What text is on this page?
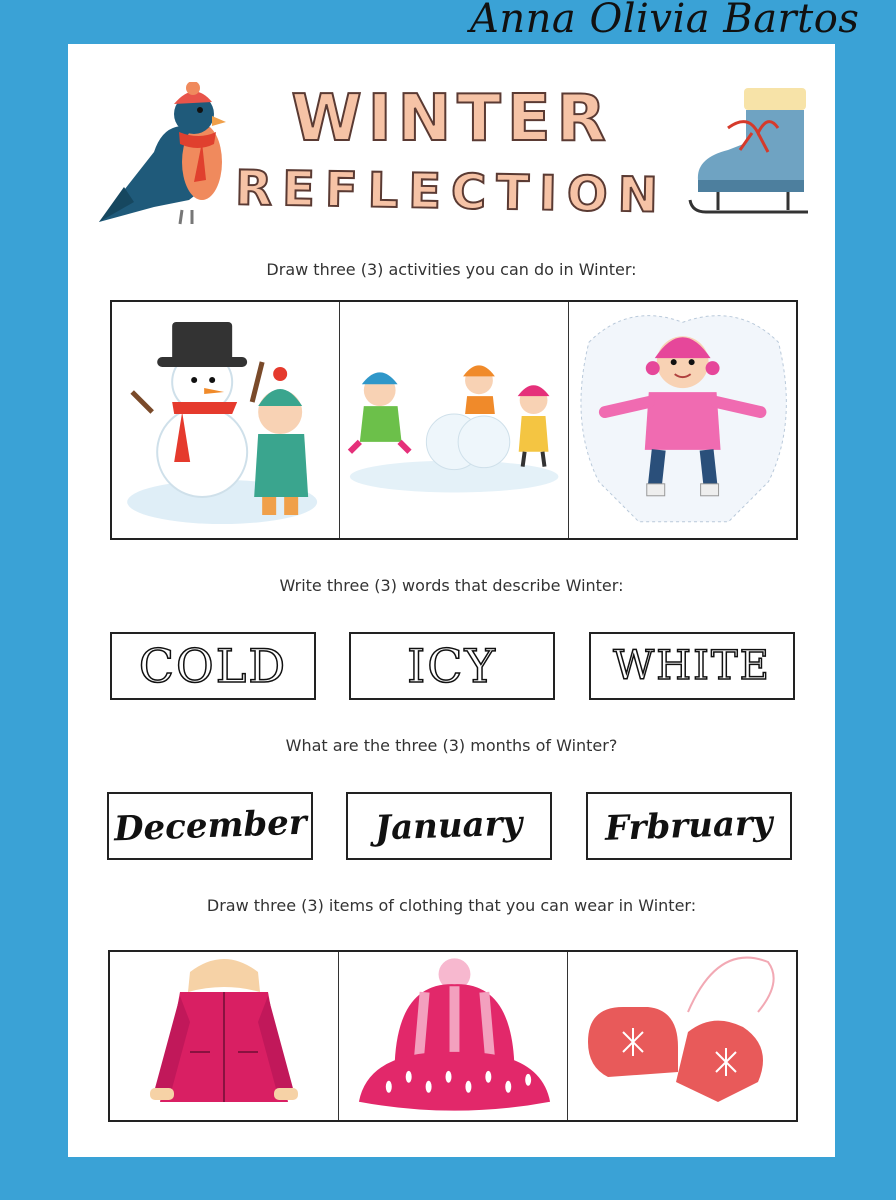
Anna Olivia Bartos
WINTER
REFLECTION
Draw three (3) activities you can do in Winter:
Write three (3) words that describe Winter:
COLD	ICY	WHITE
What are the three (3) months of Winter?
December January Frbruary
Draw three (3) items of clothing that you can wear in Winter:
